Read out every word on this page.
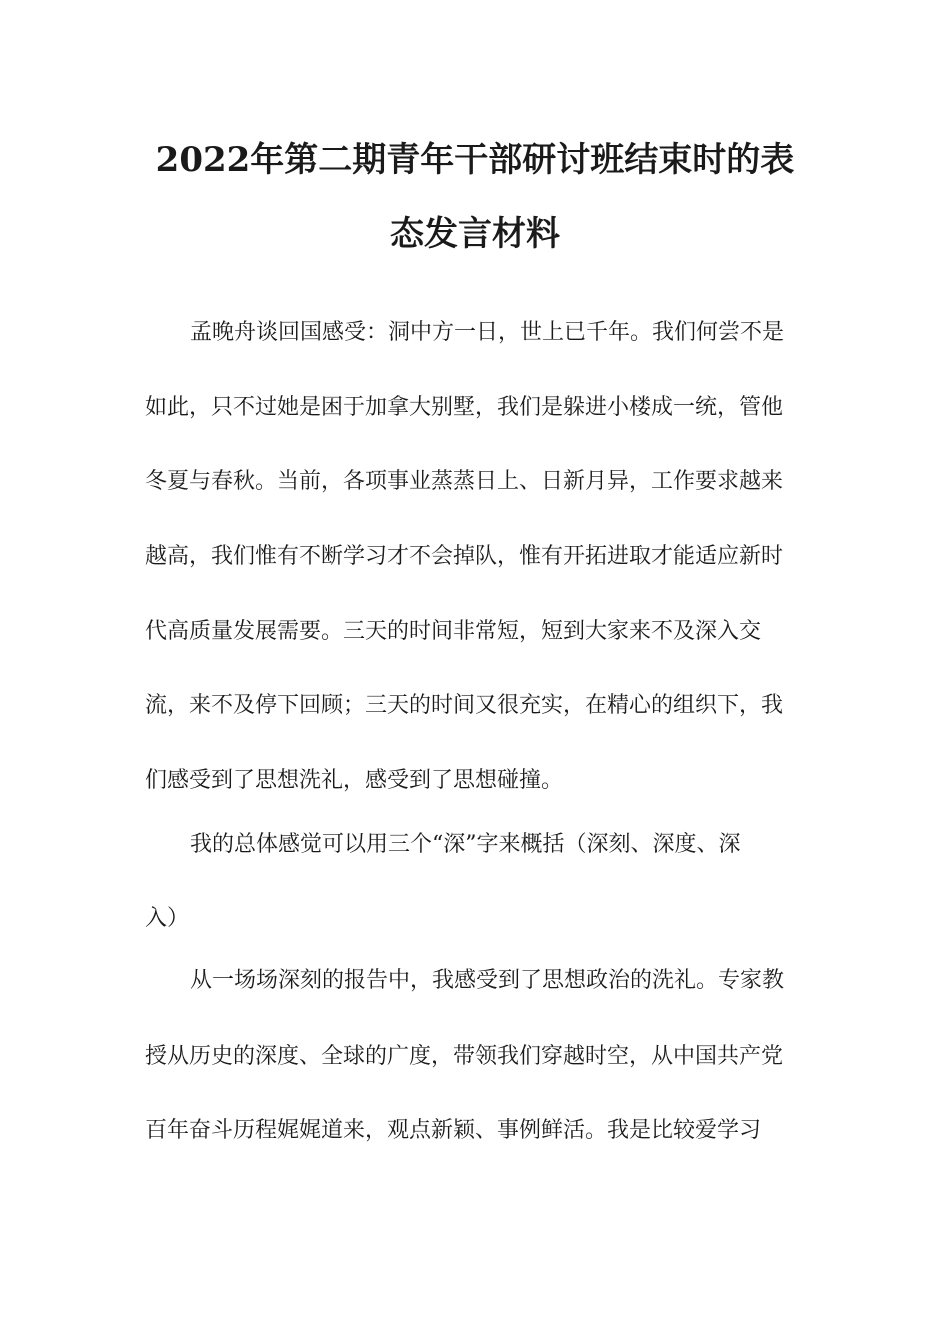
2022年第二期青年干部研讨班结束时的表
态发言材料

孟晚舟谈回国感受：洞中方一日，世上已千年。我们何尝不是

如此，只不过她是困于加拿大别墅，我们是躲进小楼成一统，管他

冬夏与春秋。当前，各项事业蒸蒸日上、日新月异，工作要求越来

越高，我们惟有不断学习才不会掉队，惟有开拓进取才能适应新时

代高质量发展需要。三天的时间非常短，短到大家来不及深入交

流，来不及停下回顾；三天的时间又很充实，在精心的组织下，我

们感受到了思想洗礼，感受到了思想碰撞。

我的总体感觉可以用三个“深”字来概括（深刻、深度、深

入）

从一场场深刻的报告中，我感受到了思想政治的洗礼。专家教

授从历史的深度、全球的广度，带领我们穿越时空，从中国共产党

百年奋斗历程娓娓道来，观点新颖、事例鲜活。我是比较爱学习
